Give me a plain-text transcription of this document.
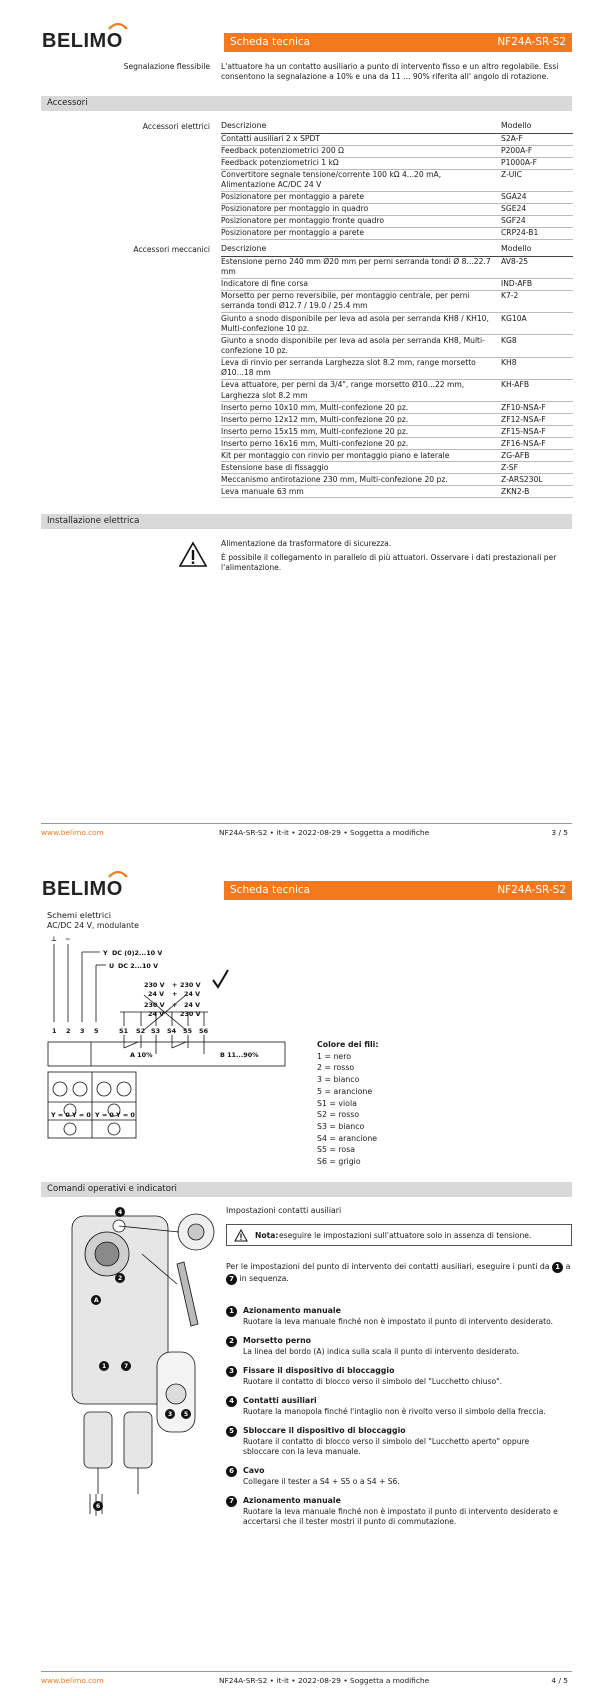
BELIMO	Scheda tecnica	NF24A-SR-S2
Segnalazione flessibile L'attuatore ha un contatto ausiliario a punto di intervento fisso e un altro regolabile. Essi consentono la segnalazione a 10% e una da 11 ... 90% riferita all' angolo di rotazione.
Accessori
Accessori elettrici Descrizione	Modello
Contatti ausiliari 2 x SPDT	S2A-F
Feedback potenziometrici 200 Ω	P200A-F
Feedback potenziometrici 1 kΩ	P1000A-F
Convertitore segnale tensione/corrente 100 kΩ 4...20 mA, Alimentazione AC/DC 24 V	Z-UIC
Posizionatore per montaggio a parete	SGA24
Posizionatore per montaggio in quadro	SGE24
Posizionatore per montaggio fronte quadro	SGF24
Posizionatore per montaggio a parete	CRP24-B1
Accessori meccanici Descrizione	Modello
Estensione perno 240 mm Ø20 mm per perni serranda tondi Ø 8...22.7 mm	AV8-25
Indicatore di fine corsa	IND-AFB
Morsetto per perno reversibile, per montaggio centrale, per perni serranda tondi Ø12.7 / 19.0 / 25.4 mm	K7-2
Giunto a snodo disponibile per leva ad asola per serranda KH8 / KH10, Multi-confezione 10 pz.	KG10A
Giunto a snodo disponibile per leva ad asola per serranda KH8, Multi-confezione 10 pz.	KG8
Leva di rinvio per serranda Larghezza slot 8.2 mm, range morsetto Ø10...18 mm	KH8
Leva attuatore, per perni da 3/4", range morsetto Ø10...22 mm, Larghezza slot 8.2 mm	KH-AFB
Inserto perno 10x10 mm, Multi-confezione 20 pz.	ZF10-NSA-F
Inserto perno 12x12 mm, Multi-confezione 20 pz.	ZF12-NSA-F
Inserto perno 15x15 mm, Multi-confezione 20 pz.	ZF15-NSA-F
Inserto perno 16x16 mm, Multi-confezione 20 pz.	ZF16-NSA-F
Kit per montaggio con rinvio per montaggio piano e laterale	ZG-AFB
Estensione base di fissaggio	Z-SF
Meccanismo antirotazione 230 mm, Multi-confezione 20 pz.	Z-ARS230L
Leva manuale 63 mm	ZKN2-B
Installazione elettrica
Alimentazione da trasformatore di sicurezza.
È possibile il collegamento in parallelo di più attuatori. Osservare i dati prestazionali per l'alimentazione.
www.belimo.com	NF24A-SR-S2 • it-it • 2022-08-29 • Soggetta a modifiche	3 / 5
BELIMO	Scheda tecnica	NF24A-SR-S2
Schemi elettrici
AC/DC 24 V, modulante
⊥ ~
Y DC (0)2...10 V
U DC 2...10 V
230 V + 230 V
24 V + 24 V
230 V + 24 V
24 V 230 V
1 2 3 5	S1 S2 S3 S4 S5 S6
A 10%	B 11...90%
Y = 0 Y = 0 Y = 0 Y = 0
Colore dei fili:
1 = nero
2 = rosso
3 = bianco
5 = arancione
S1 = viola
S2 = rosso
S3 = bianco
S4 = arancione
S5 = rosa
S6 = grigio
Comandi operativi e indicatori
4
2
A
1	7
3 5
6
Impostazioni contatti ausiliari
Nota: eseguire le impostazioni sull'attuatore solo in assenza di tensione.
Per le impostazioni del punto di intervento dei contatti ausiliari, eseguire i punti da 1 a 7 in sequenza.
1	Azionamento manuale
Ruotare la leva manuale finché non è impostato il punto di intervento desiderato.
2	Morsetto perno
La linea del bordo (A) indica sulla scala il punto di intervento desiderato.
3	Fissare il dispositivo di bloccaggio
Ruotare il contatto di blocco verso il simbolo del "Lucchetto chiuso".
4	Contatti ausiliari
Ruotare la manopola finché l'intaglio non è rivolto verso il simbolo della freccia.
5	Sbloccare il dispositivo di bloccaggio
Ruotare il contatto di blocco verso il simbolo del "Lucchetto aperto" oppure sbloccare con la leva manuale.
6	Cavo
Collegare il tester a S4 + S5 o a S4 + S6.
7	Azionamento manuale
Ruotare la leva manuale finché non è impostato il punto di intervento desiderato e accertarsi che il tester mostri il punto di commutazione.
www.belimo.com	NF24A-SR-S2 • it-it • 2022-08-29 • Soggetta a modifiche	4 / 5
